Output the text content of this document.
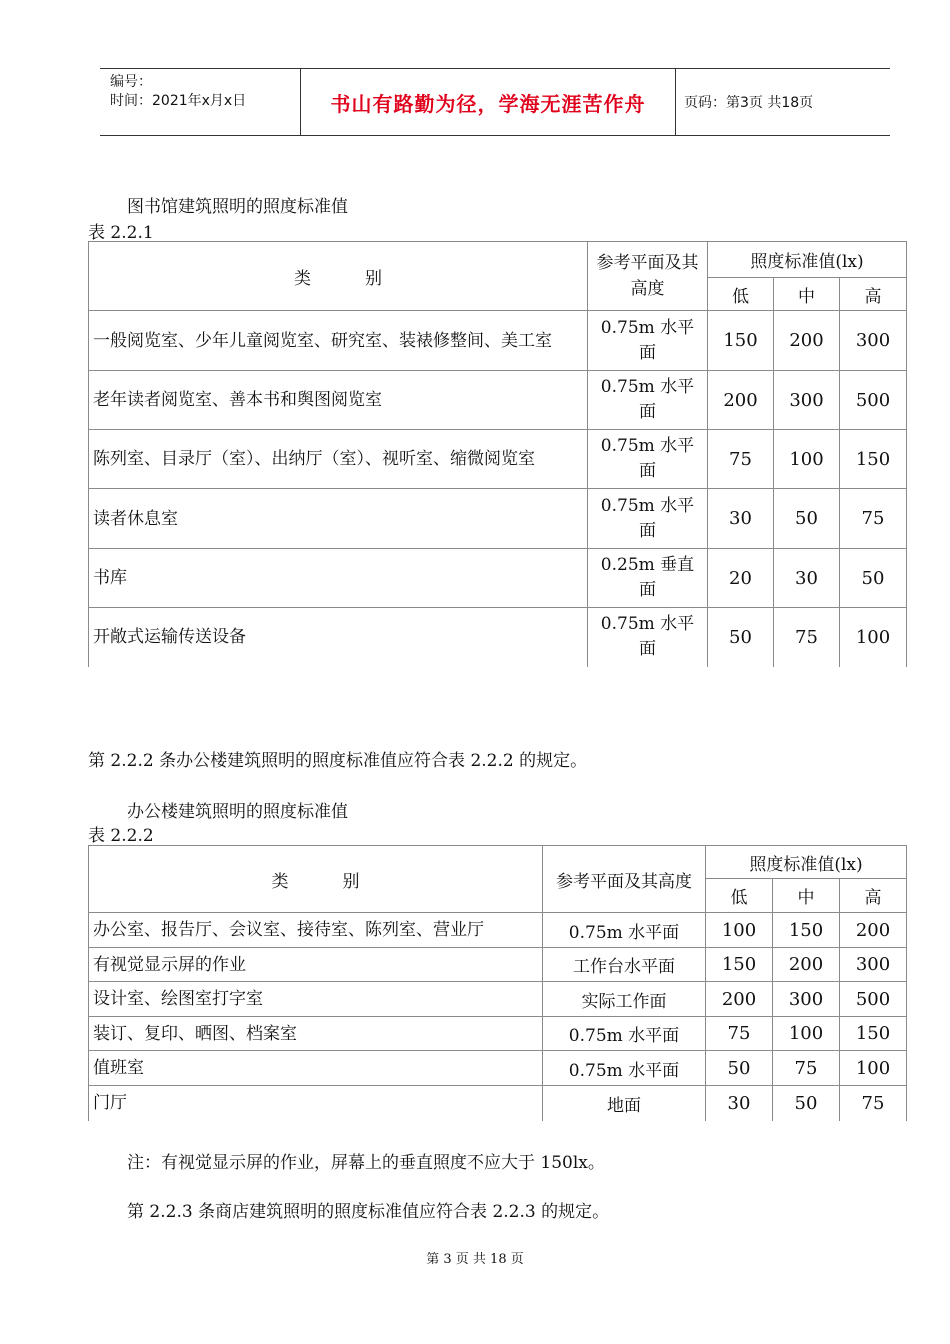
编号：
时间：2021年x月x日	书山有路勤为径，学海无涯苦作舟	页码：第3页 共18页
图书馆建筑照明的照度标准值
表 2.2.1
类          别	参考平面及其高度	照度标准值(lx)		
		低	中	高
一般阅览室、少年儿童阅览室、研究室、装裱修整间、美工室	0.75m 水平面	150	200	300
老年读者阅览室、善本书和舆图阅览室	0.75m 水平面	200	300	500
陈列室、目录厅（室）、出纳厅（室）、视听室、缩微阅览室	0.75m 水平面	75	100	150
读者休息室	0.75m 水平面	30	50	75
书库	0.25m 垂直面	20	30	50
开敞式运输传送设备	0.75m 水平面	50	75	100
第 2.2.2 条办公楼建筑照明的照度标准值应符合表 2.2.2 的规定。
办公楼建筑照明的照度标准值
表 2.2.2
类          别	参考平面及其高度	照度标准值(lx)		
		低	中	高
办公室、报告厅、会议室、接待室、陈列室、营业厅	0.75m 水平面	100	150	200
有视觉显示屏的作业	工作台水平面	150	200	300
设计室、绘图室打字室	实际工作面	200	300	500
装订、复印、晒图、档案室	0.75m 水平面	75	100	150
值班室	0.75m 水平面	50	75	100
门厅	地面	30	50	75
注：有视觉显示屏的作业，屏幕上的垂直照度不应大于 150lx。
第 2.2.3 条商店建筑照明的照度标准值应符合表 2.2.3 的规定。
第 3 页 共 18 页
